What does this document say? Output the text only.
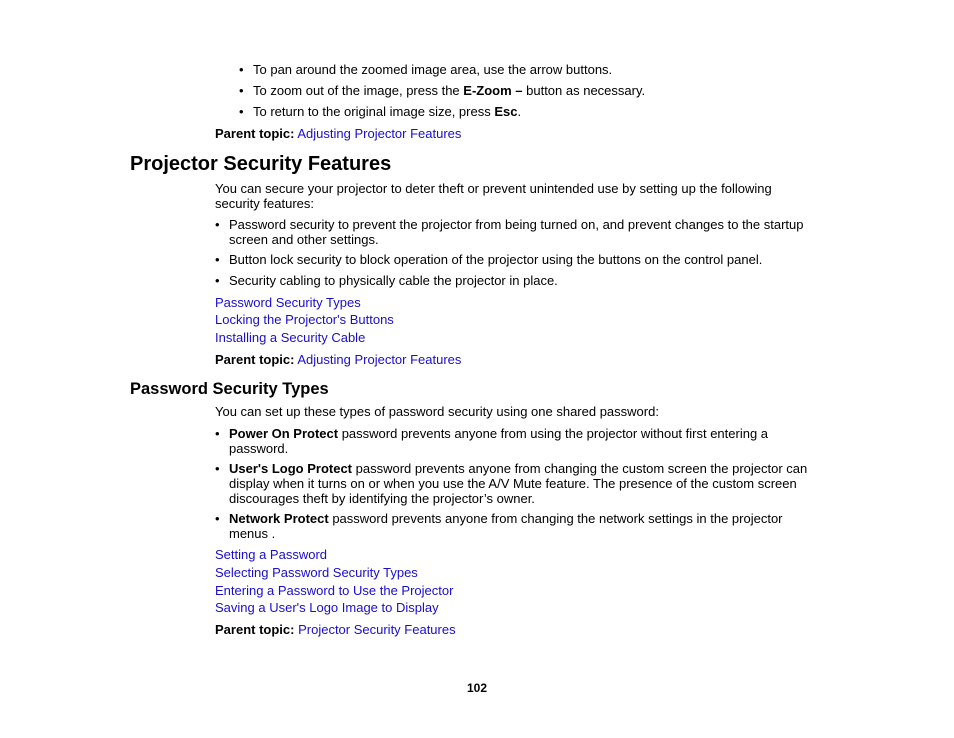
• To pan around the zoomed image area, use the arrow buttons.
• To zoom out of the image, press the E-Zoom – button as necessary.
• To return to the original image size, press Esc.
Parent topic: Adjusting Projector Features
Projector Security Features
You can secure your projector to deter theft or prevent unintended use by setting up the following
security features:
• Password security to prevent the projector from being turned on, and prevent changes to the startup
screen and other settings.
• Button lock security to block operation of the projector using the buttons on the control panel.
• Security cabling to physically cable the projector in place.
Password Security Types
Locking the Projector's Buttons
Installing a Security Cable
Parent topic: Adjusting Projector Features
Password Security Types
You can set up these types of password security using one shared password:
• Power On Protect password prevents anyone from using the projector without first entering a
password.
• User's Logo Protect password prevents anyone from changing the custom screen the projector can
display when it turns on or when you use the A/V Mute feature. The presence of the custom screen
discourages theft by identifying the projector’s owner.
• Network Protect password prevents anyone from changing the network settings in the projector
menus .
Setting a Password
Selecting Password Security Types
Entering a Password to Use the Projector
Saving a User's Logo Image to Display
Parent topic: Projector Security Features
102
